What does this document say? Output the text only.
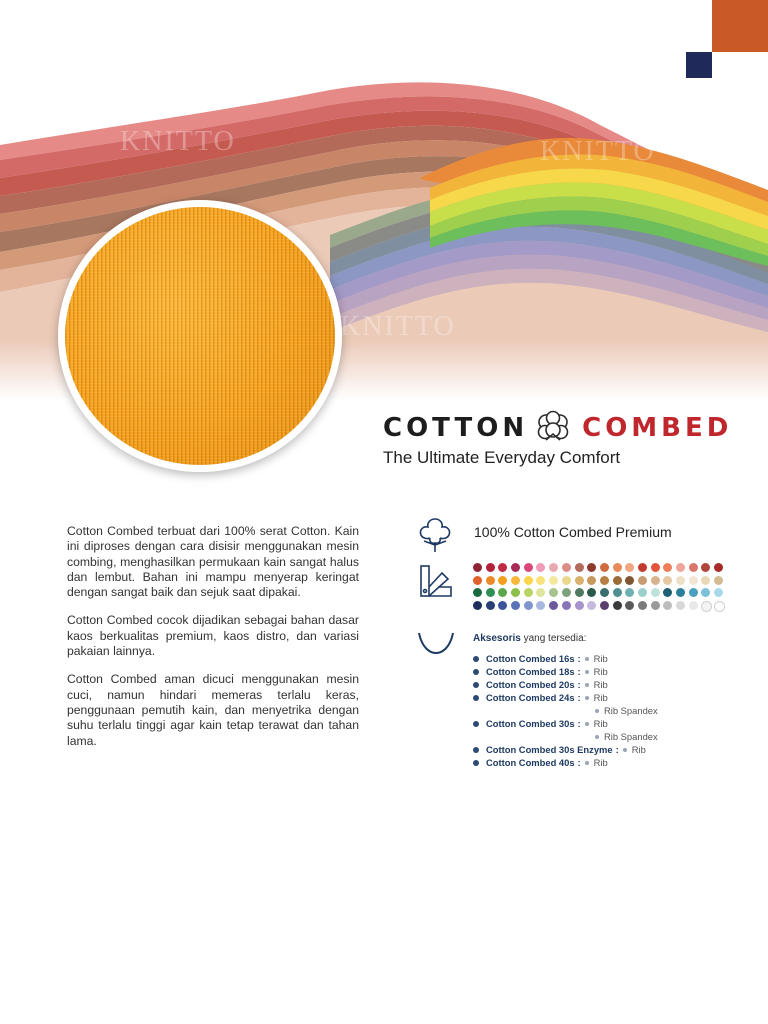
COTTON COMBED
The Ultimate Everyday Comfort

Cotton Combed terbuat dari 100% serat Cotton. Kain ini diproses dengan cara disisir menggunakan mesin combing, menghasilkan permukaan kain sangat halus dan lembut. Bahan ini mampu menyerap keringat dengan sangat baik dan sejuk saat dipakai.

Cotton Combed cocok dijadikan sebagai bahan dasar kaos berkualitas premium, kaos distro, dan variasi pakaian lainnya.

Cotton Combed aman dicuci menggunakan mesin cuci, namun hindari memeras terlalu keras, penggunaan pemutih kain, dan menyetrika dengan suhu terlalu tinggi agar kain tetap terawat dan tahan lama.

100% Cotton Combed Premium
Aksesoris yang tersedia:
Cotton Combed 16s : Rib
Cotton Combed 18s : Rib
Cotton Combed 20s : Rib
Cotton Combed 24s : Rib
Rib Spandex
Cotton Combed 30s : Rib
Rib Spandex
Cotton Combed 30s Enzyme : Rib
Cotton Combed 40s : Rib
